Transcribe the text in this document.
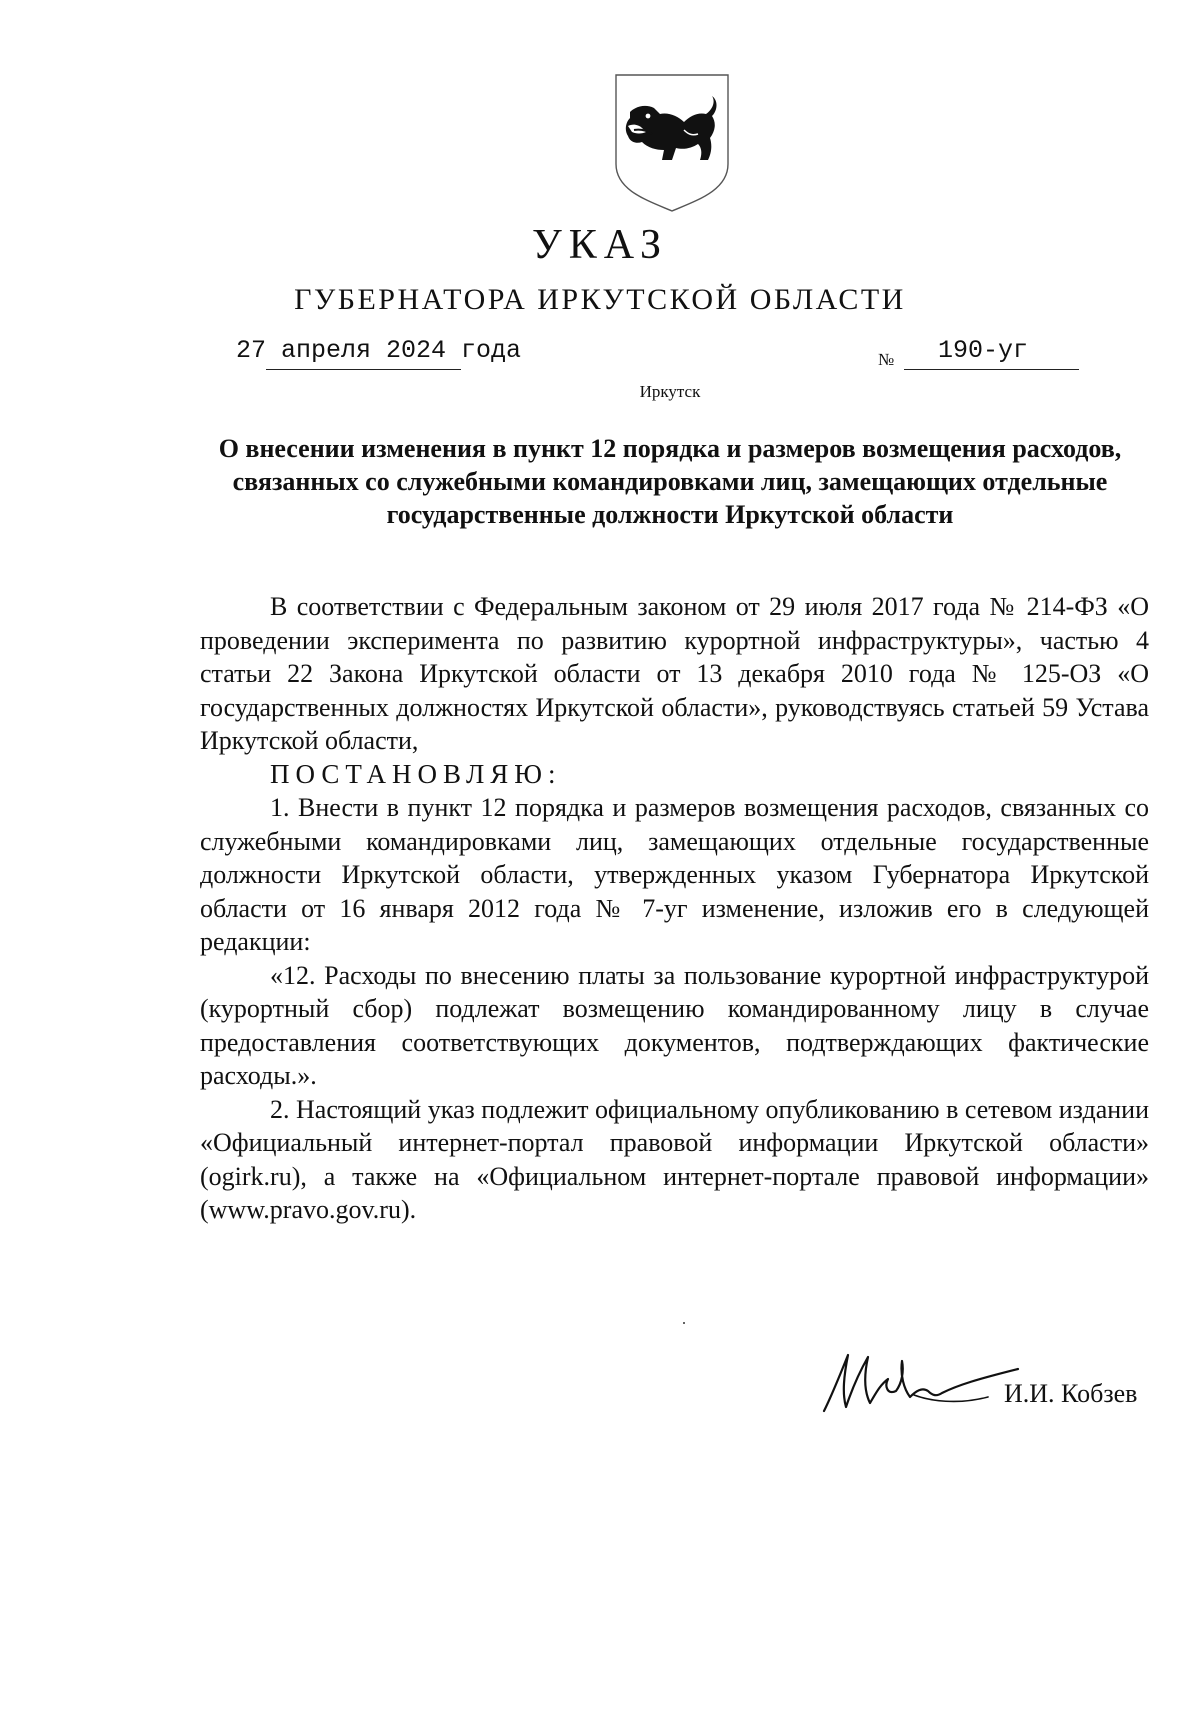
УКАЗ
ГУБЕРНАТОРА ИРКУТСКОЙ ОБЛАСТИ
27 апреля 2024 года	№ 190-уг
Иркутск
О внесении изменения в пункт 12 порядка и размеров возмещения расходов, связанных со служебными командировками лиц, замещающих отдельные государственные должности Иркутской области

В соответствии с Федеральным законом от 29 июля 2017 года № 214-ФЗ «О проведении эксперимента по развитию курортной инфраструктуры», частью 4 статьи 22 Закона Иркутской области от 13 декабря 2010 года № 125-ОЗ «О государственных должностях Иркутской области», руководствуясь статьей 59 Устава Иркутской области,

ПОСТАНОВЛЯЮ:

1. Внести в пункт 12 порядка и размеров возмещения расходов, связанных со служебными командировками лиц, замещающих отдельные государственные должности Иркутской области, утвержденных указом Губернатора Иркутской области от 16 января 2012 года № 7-уг изменение, изложив его в следующей редакции:

«12. Расходы по внесению платы за пользование курортной инфраструктурой (курортный сбор) подлежат возмещению командированному лицу в случае предоставления соответствующих документов, подтверждающих фактические расходы.».

2. Настоящий указ подлежит официальному опубликованию в сетевом издании «Официальный интернет-портал правовой информации Иркутской области» (ogirk.ru), а также на «Официальном интернет-портале правовой информации» (www.pravo.gov.ru).

И.И. Кобзев
